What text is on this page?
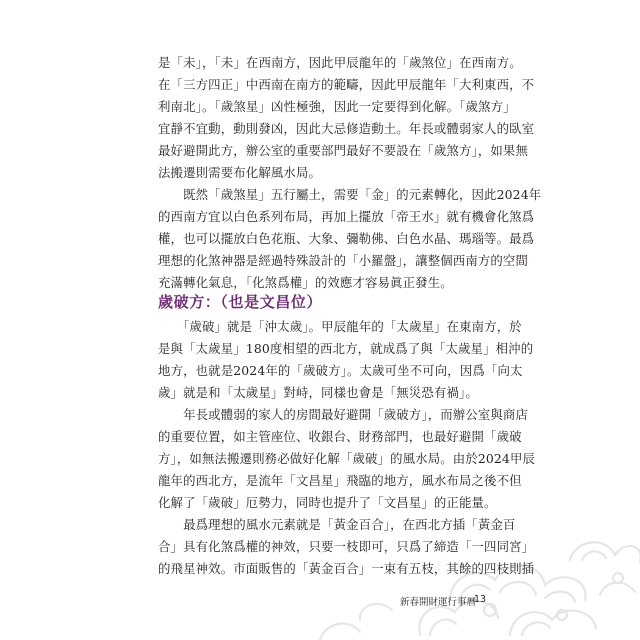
是「未」，「未」在西南方，因此甲辰龍年的「歲煞位」在西南方。
在「三方四正」中西南在南方的範疇，因此甲辰龍年「大利東西，不
利南北」。「歲煞星」凶性極強，因此一定要得到化解。「歲煞方」
宜靜不宜動，動則發凶，因此大忌修造動土。年長或體弱家人的臥室
最好避開此方，辦公室的重要部門最好不要設在「歲煞方」，如果無
法搬遷則需要布化解風水局。
　　既然「歲煞星」五行屬土，需要「金」的元素轉化，因此2024年
的西南方宜以白色系列布局，再加上擺放「帝王水」就有機會化煞爲
權，也可以擺放白色花瓶、大象、彌勒佛、白色水晶、瑪瑙等。最爲
理想的化煞神器是經過特殊設計的「小羅盤」，讓整個西南方的空間
充滿轉化氣息，「化煞爲權」的效應才容易眞正發生。
歲破方：（也是文昌位）
　　「歲破」就是「沖太歲」。甲辰龍年的「太歲星」在東南方，於
是與「太歲星」180度相望的西北方，就成爲了與「太歲星」相沖的
地方，也就是2024年的「歲破方」。太歲可坐不可向，因爲「向太
歲」就是和「太歲星」對峙，同樣也會是「無災恐有禍」。
　　年長或體弱的家人的房間最好避開「歲破方」，而辦公室與商店
的重要位置，如主管座位、收銀台、財務部門，也最好避開「歲破
方」，如無法搬遷則務必做好化解「歲破」的風水局。由於2024甲辰
龍年的西北方，是流年「文昌星」飛臨的地方，風水布局之後不但
化解了「歲破」厄勢力，同時也提升了「文昌星」的正能量。
　　最爲理想的風水元素就是「黃金百合」，在西北方插「黃金百
合」具有化煞爲權的神效，只要一枝即可，只爲了締造「一四同宮」
的飛星神效。市面販售的「黃金百合」一束有五枝，其餘的四枝則插
新春開財運行事曆
13
